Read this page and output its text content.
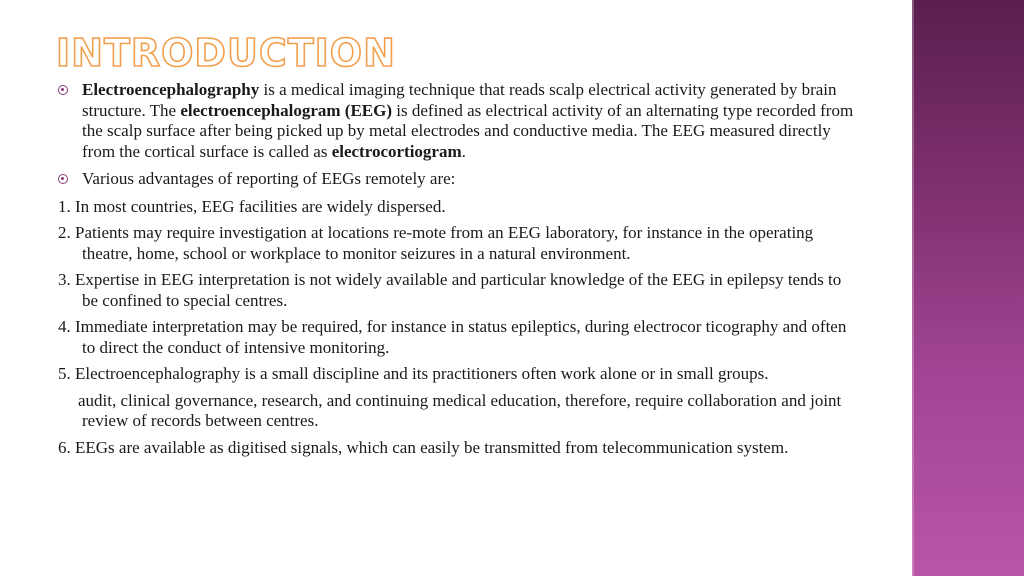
INTRODUCTION
Electroencephalography is a medical imaging technique that reads scalp electrical activity generated by brain structure. The electroencephalogram (EEG) is defined as electrical activity of an alternating type recorded from the scalp surface after being picked up by metal electrodes and conductive media. The EEG measured directly from the cortical surface is called as electrocortiogram.
Various advantages of reporting of EEGs remotely are:
1. In most countries, EEG facilities are widely dispersed.
2. Patients may require investigation at locations re-mote from an EEG laboratory, for instance in the operating theatre, home, school or workplace to monitor seizures in a natural environment.
3. Expertise in EEG interpretation is not widely available and particular knowledge of the EEG in epilepsy tends to be confined to special centres.
4. Immediate interpretation may be required, for instance in status epileptics, during electrocor ticography and often to direct the conduct of intensive monitoring.
5. Electroencephalography is a small discipline and its practitioners often work alone or in small groups.
audit, clinical governance, research, and continuing medical education, therefore, require collaboration and joint review of records between centres.
6. EEGs are available as digitised signals, which can easily be transmitted from telecommunication system.
